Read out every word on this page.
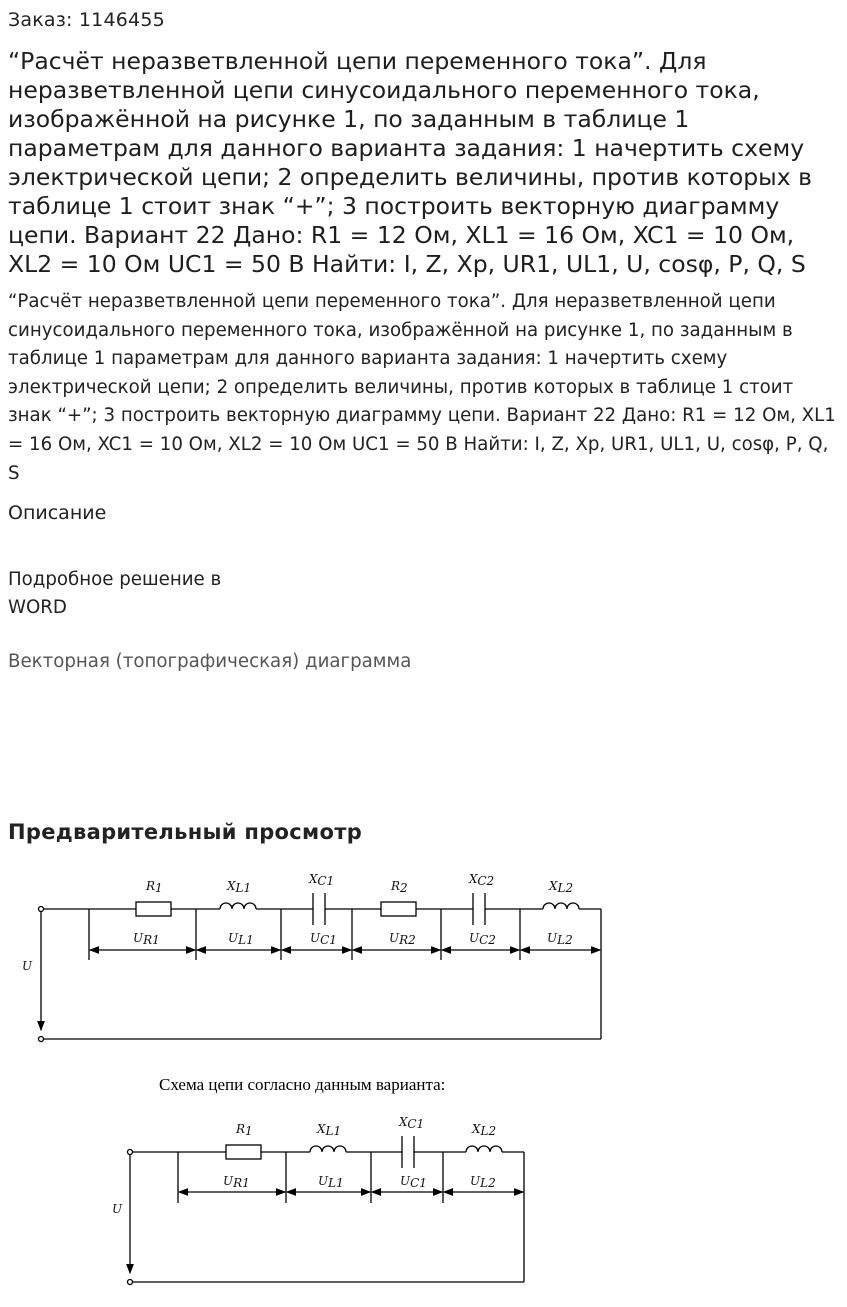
Заказ: 1146455
“Расчёт неразветвленной цепи переменного тока”. Для неразветвленной цепи синусоидального переменного тока, изображённой на рисунке 1, по заданным в таблице 1 параметрам для данного варианта задания: 1 начертить схему электрической цепи; 2 определить величины, против которых в таблице 1 стоит знак “+”; 3 построить векторную диаграмму цепи. Вариант 22 Дано: R1 = 12 Ом, XL1 = 16 Ом, XC1 = 10 Ом, XL2 = 10 Ом UC1 = 50 В Найти: I, Z, Xp, UR1, UL1, U, cosφ, P, Q, S
“Расчёт неразветвленной цепи переменного тока”. Для неразветвленной цепи синусоидального переменного тока, изображённой на рисунке 1, по заданным в таблице 1 параметрам для данного варианта задания: 1 начертить схему электрической цепи; 2 определить величины, против которых в таблице 1 стоит знак “+”; 3 построить векторную диаграмму цепи. Вариант 22 Дано: R1 = 12 Ом, XL1 = 16 Ом, XC1 = 10 Ом, XL2 = 10 Ом UC1 = 50 В Найти: I, Z, Xp, UR1, UL1, U, cosφ, P, Q, S
Описание
Подробное решение в
WORD
Векторная (топографическая) диаграмма
Предварительный просмотр
U
R1	XL1
XC1	R2
XC2	XL2
UR1	UL1	UC1	UR2	UC2	UL2
Схема цепи согласно данным варианта:
U
R1	XL1
XC1	XL2
UR1	UL1	UC1	UL2
